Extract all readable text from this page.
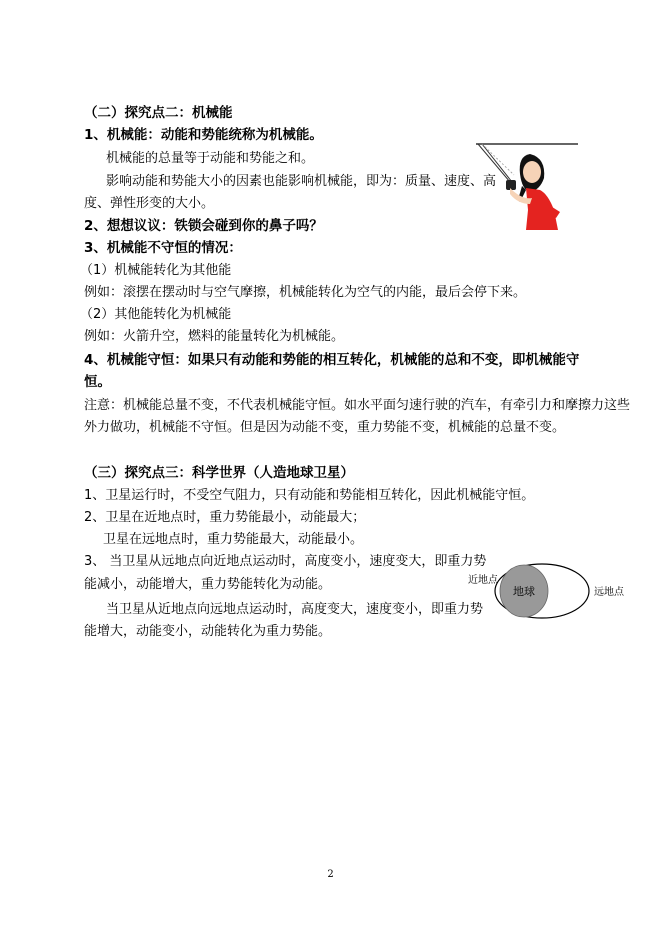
（二）探究点二：机械能
1、机械能：动能和势能统称为机械能。
机械能的总量等于动能和势能之和。
影响动能和势能大小的因素也能影响机械能，即为：质量、速度、高
度、弹性形变的大小。
2、想想议议：铁锁会碰到你的鼻子吗？
3、机械能不守恒的情况：
（1）机械能转化为其他能
例如：滚摆在摆动时与空气摩擦，机械能转化为空气的内能，最后会停下来。
（2）其他能转化为机械能
例如：火箭升空，燃料的能量转化为机械能。
4、机械能守恒：如果只有动能和势能的相互转化，机械能的总和不变，即机械能守
恒。
注意：机械能总量不变，不代表机械能守恒。如水平面匀速行驶的汽车，有牵引力和摩擦力这些
外力做功，机械能不守恒。但是因为动能不变，重力势能不变，机械能的总量不变。
（三）探究点三：科学世界（人造地球卫星）
1、卫星运行时，不受空气阻力，只有动能和势能相互转化，因此机械能守恒。
2、卫星在近地点时，重力势能最小，动能最大；
卫星在远地点时，重力势能最大，动能最小。
3、 当卫星从远地点向近地点运动时，高度变小，速度变大，即重力势
能减小，动能增大，重力势能转化为动能。
当卫星从近地点向远地点运动时，高度变大，速度变小，即重力势
能增大，动能变小，动能转化为重力势能。
地球
近地点
远地点
2
